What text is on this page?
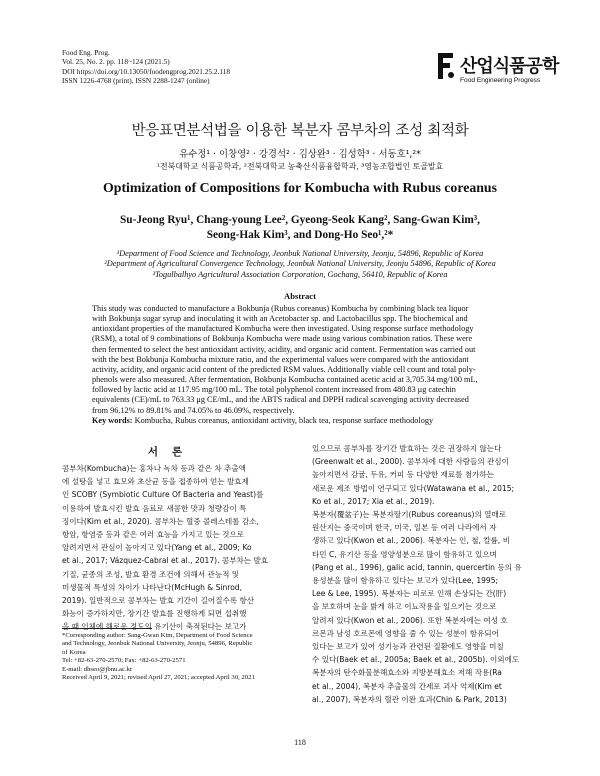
Food Eng. Prog.
Vol. 25, No. 2. pp. 118~124 (2021.5)
DOI https://doi.org/10.13050/foodengprog.2021.25.2.118
ISSN 1226-4768 (print), ISSN 2288-1247 (online)
산업식품공학
Food Engineering Progress
반응표면분석법을 이용한 복분자 콤부차의 조성 최적화
유수정¹ · 이창영² · 강경석² · 김상완³ · 김성학³ · 서동호¹,²*
¹전북대학교 식품공학과, ²전북대학교 농축산식품융합학과, ³영농조합법인 토골발효
Optimization of Compositions for Kombucha with Rubus coreanus
Su-Jeong Ryu¹, Chang-young Lee², Gyeong-Seok Kang², Sang-Gwan Kim³,
Seong-Hak Kim³, and Dong-Ho Seo¹,²*
¹Department of Food Science and Technology, Jeonbuk National University, Jeonju, 54896, Republic of Korea
²Department of Agricultural Convergence Technology, Jeonbuk National University, Jeonju 54896, Republic of Korea
³Togulbalhyo Agricultural Association Corporation, Gochang, 56410, Republic of Korea
Abstract
This study was conducted to manufacture a Bokbunja (Rubus coreanus) Kombucha by combining black tea liquor
with Bokbunja sugar syrup and inoculating it with an Acetobacter sp. and Lactobacillus spp. The biochemical and
antioxidant properties of the manufactured Kombucha were then investigated. Using response surface methodology
(RSM), a total of 9 combinations of Bokbunja Kombucha were made using various combination ratios. These were
then fermented to select the best antioxidant activity, acidity, and organic acid content. Fermentation was carried out
with the best Bokbunja Kombucha mixture ratio, and the experimental values were compared with the antioxidant
activity, acidity, and organic acid content of the predicted RSM values. Additionally viable cell count and total poly-
phenols were also measured. After fermentation, Bokbunja Kombucha contained acetic acid at 3,705.34 mg/100 mL,
followed by lactic acid at 117.95 mg/100 mL. The total polyphenol content increased from 480.83 μg catechin
equivalents (CE)/mL to 763.33 μg CE/mL, and the ABTS radical and DPPH radical scavenging activity decreased
from 96.12% to 89.81% and 74.05% to 46.09%, respectively.
Key words: Kombucha, Rubus coreanus, antioxidant activity, black tea, response surface methodology
서론
콤부차(Kombucha)는 홍차나 녹차 등과 같은 차 추출액
에 설탕을 넣고 효모와 초산균 등을 접종하여 얻는 발효제
인 SCOBY (Symbiotic Culture Of Bacteria and Yeast)를
이용하여 발효시킨 발효 음료로 새콤한 맛과 청량감이 특
징이다(Kim et al., 2020). 콤부차는 혈중 콜레스테롤 감소,
항암, 항염증 등과 같은 여러 효능을 가지고 있는 것으로
알려지면서 관심이 높아지고 있다(Yang et al., 2009; Ko
et al., 2017; Vázquez-Cabral et al., 2017). 콤부차는 발효
기질, 균종의 조성, 발효 환경 조건에 의해서 관능적 및
미생물적 특성의 차이가 나타난다(McHugh & Sinrod,
2019). 일반적으로 콤부차는 발효 기간이 길어질수록 항산
화능이 증가하지만, 장기간 발효를 진행하게 되면 섭취했
을 때 인체에 해로운 정도의 유기산이 축적된다는 보고가
있으므로 콤부차를 장기간 발효하는 것은 권장하지 않는다
(Greenwalt et al., 2000). 콤부차에 대한 사람들의 관심이
높아지면서 감귤, 두유, 커피 등 다양한 재료를 첨가하는
새로운 제조 방법이 연구되고 있다(Watawana et al., 2015;
Ko et al., 2017; Xia et al., 2019).
복분자(覆盆子)는 복분자딸기(Rubus coreanus)의 열매로
원산지는 중국이며 한국, 미국, 일본 등 여러 나라에서 자
생하고 있다(Kwon et al., 2006). 복분자는 인, 철, 칼륨, 비
타민 C, 유기산 등을 영양성분으로 많이 함유하고 있으며
(Pang et al., 1996), galic acid, tannin, quercertin 등의 유
용성분을 많이 함유하고 있다는 보고가 있다(Lee, 1995;
Lee & Lee, 1995). 복분자는 피로로 인해 손상되는 간(肝)
을 보호하며 눈을 밝게 하고 이뇨작용을 일으키는 것으로
알려져 있다(Kwon et al., 2006). 또한 복분자에는 여성 호
르몬과 남성 호르몬에 영향을 줄 수 있는 성분이 함유되어
있다는 보고가 있어 성기능과 관련된 질환에도 영향을 미칠
수 있다(Baek et al., 2005a; Baek et al., 2005b). 이외에도
복분자의 탄수화물분해효소와 지방분해효소 저해 작용(Ra
et al., 2004), 복분자 추출물의 간세포 괴사 억제(Kim et
al., 2007), 복분자의 혈관 이완 효과(Chin & Park, 2013)
*Corresponding author: Sang-Gwan Kim, Department of Food Science
and Technology, Jeonbuk National University, Jeonju, 54896, Republic
of Korea
Tel: +82-63-270-2570; Fax: +82-63-270-2571
E-mail: dhseo@jbnu.ac.kr
Received April 9, 2021; revised April 27, 2021; accepted April 30, 2021
118
